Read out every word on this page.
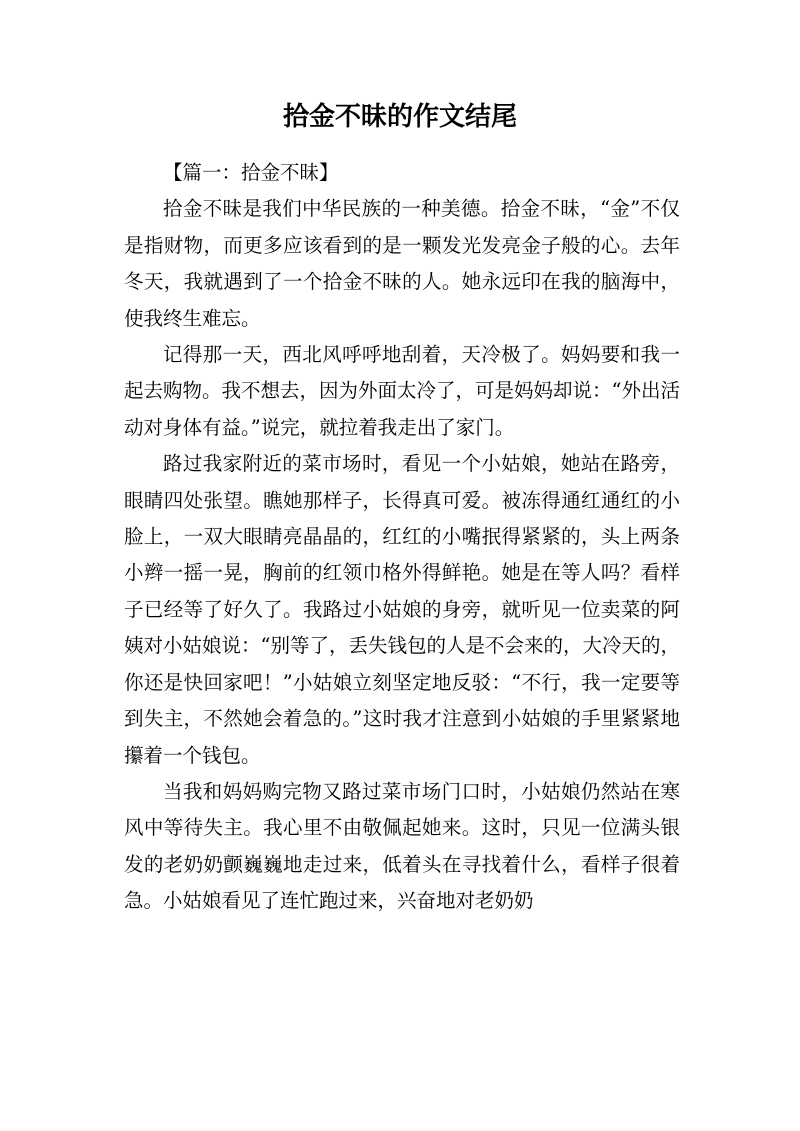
拾金不昧的作文结尾

【篇一：拾金不昧】

拾金不昧是我们中华民族的一种美德。拾金不昧，“金”不仅是指财物，而更多应该看到的是一颗发光发亮金子般的心。去年冬天，我就遇到了一个拾金不昧的人。她永远印在我的脑海中，使我终生难忘。

记得那一天，西北风呼呼地刮着，天冷极了。妈妈要和我一起去购物。我不想去，因为外面太冷了，可是妈妈却说：“外出活动对身体有益。”说完，就拉着我走出了家门。

路过我家附近的菜市场时，看见一个小姑娘，她站在路旁，眼睛四处张望。瞧她那样子，长得真可爱。被冻得通红通红的小脸上，一双大眼睛亮晶晶的，红红的小嘴抿得紧紧的，头上两条小辫一摇一晃，胸前的红领巾格外得鲜艳。她是在等人吗？看样子已经等了好久了。我路过小姑娘的身旁，就听见一位卖菜的阿姨对小姑娘说：“别等了，丢失钱包的人是不会来的，大冷天的，你还是快回家吧！”小姑娘立刻坚定地反驳：“不行，我一定要等到失主，不然她会着急的。”这时我才注意到小姑娘的手里紧紧地攥着一个钱包。

当我和妈妈购完物又路过菜市场门口时，小姑娘仍然站在寒风中等待失主。我心里不由敬佩起她来。这时，只见一位满头银发的老奶奶颤巍巍地走过来，低着头在寻找着什么，看样子很着急。小姑娘看见了连忙跑过来，兴奋地对老奶奶
